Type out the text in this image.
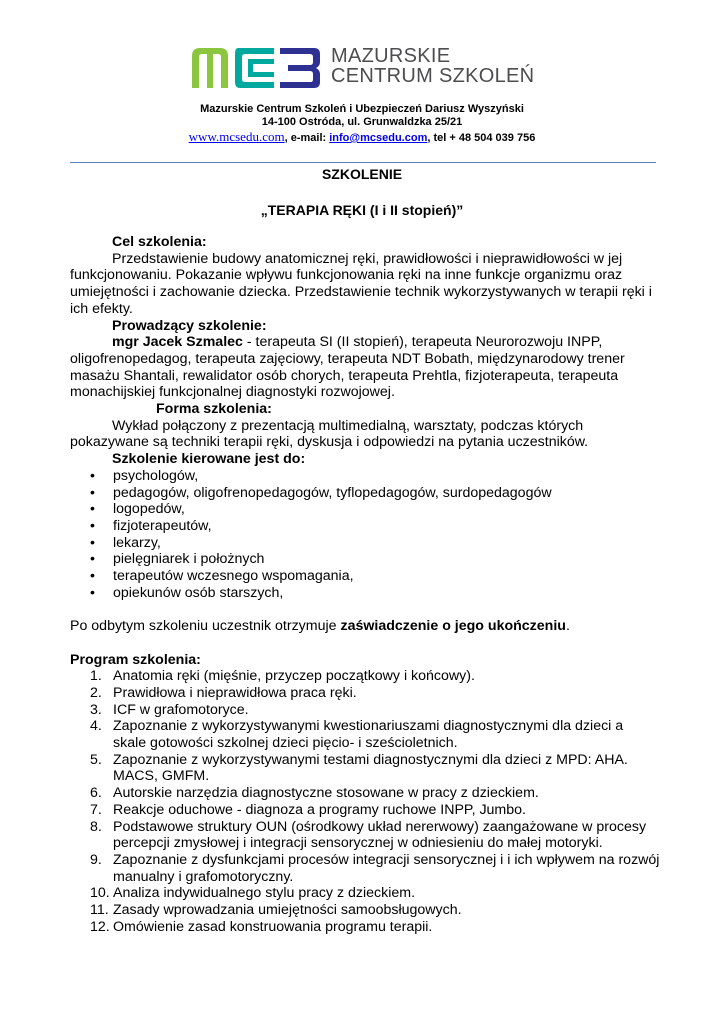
MAZURSKIE
CENTRUM SZKOLEŃ
Mazurskie Centrum Szkoleń i Ubezpieczeń Dariusz Wyszyński
14-100 Ostróda, ul. Grunwaldzka 25/21
www.mcsedu.com, e-mail: info@mcsedu.com, tel + 48 504 039 756
SZKOLENIE
„TERAPIA RĘKI (I i II stopień)”
Cel szkolenia:
Przedstawienie budowy anatomicznej ręki, prawidłowości i nieprawidłowości w jej funkcjonowaniu. Pokazanie wpływu funkcjonowania ręki na inne funkcje organizmu oraz umiejętności i zachowanie dziecka. Przedstawienie technik wykorzystywanych w terapii ręki i ich efekty.
Prowadzący szkolenie:
mgr Jacek Szmalec - terapeuta SI (II stopień), terapeuta Neurorozwoju INPP, oligofrenopedagog, terapeuta zajęciowy, terapeuta NDT Bobath, międzynarodowy trener masażu Shantali, rewalidator osób chorych, terapeuta Prehtla, fizjoterapeuta, terapeuta monachijskiej funkcjonalnej diagnostyki rozwojowej.
Forma szkolenia:
Wykład połączony z prezentacją multimedialną, warsztaty, podczas których pokazywane są techniki terapii ręki, dyskusja i odpowiedzi na pytania uczestników.
Szkolenie kierowane jest do:
• psychologów,
• pedagogów, oligofrenopedagogów, tyflopedagogów, surdopedagogów
• logopedów,
• fizjoterapeutów,
• lekarzy,
• pielęgniarek i położnych
• terapeutów wczesnego wspomagania,
• opiekunów osób starszych,
Po odbytym szkoleniu uczestnik otrzymuje zaświadczenie o jego ukończeniu.
Program szkolenia:
1. Anatomia ręki (mięśnie, przyczep początkowy i końcowy).
2. Prawidłowa i nieprawidłowa praca ręki.
3. ICF w grafomotoryce.
4. Zapoznanie z wykorzystywanymi kwestionariuszami diagnostycznymi dla dzieci a skale gotowości szkolnej dzieci pięcio- i sześcioletnich.
5. Zapoznanie z wykorzystywanymi testami diagnostycznymi dla dzieci z MPD: AHA. MACS, GMFM.
6. Autorskie narzędzia diagnostyczne stosowane w pracy z dzieckiem.
7. Reakcje oduchowe - diagnoza a programy ruchowe INPP, Jumbo.
8. Podstawowe struktury OUN (ośrodkowy układ nererwowy) zaangażowane w procesy percepcji zmysłowej i integracji sensorycznej w odniesieniu do małej motoryki.
9. Zapoznanie z dysfunkcjami procesów integracji sensorycznej i i ich wpływem na rozwój manualny i grafomotoryczny.
10. Analiza indywidualnego stylu pracy z dzieckiem.
11. Zasady wprowadzania umiejętności samoobsługowych.
12. Omówienie zasad konstruowania programu terapii.
